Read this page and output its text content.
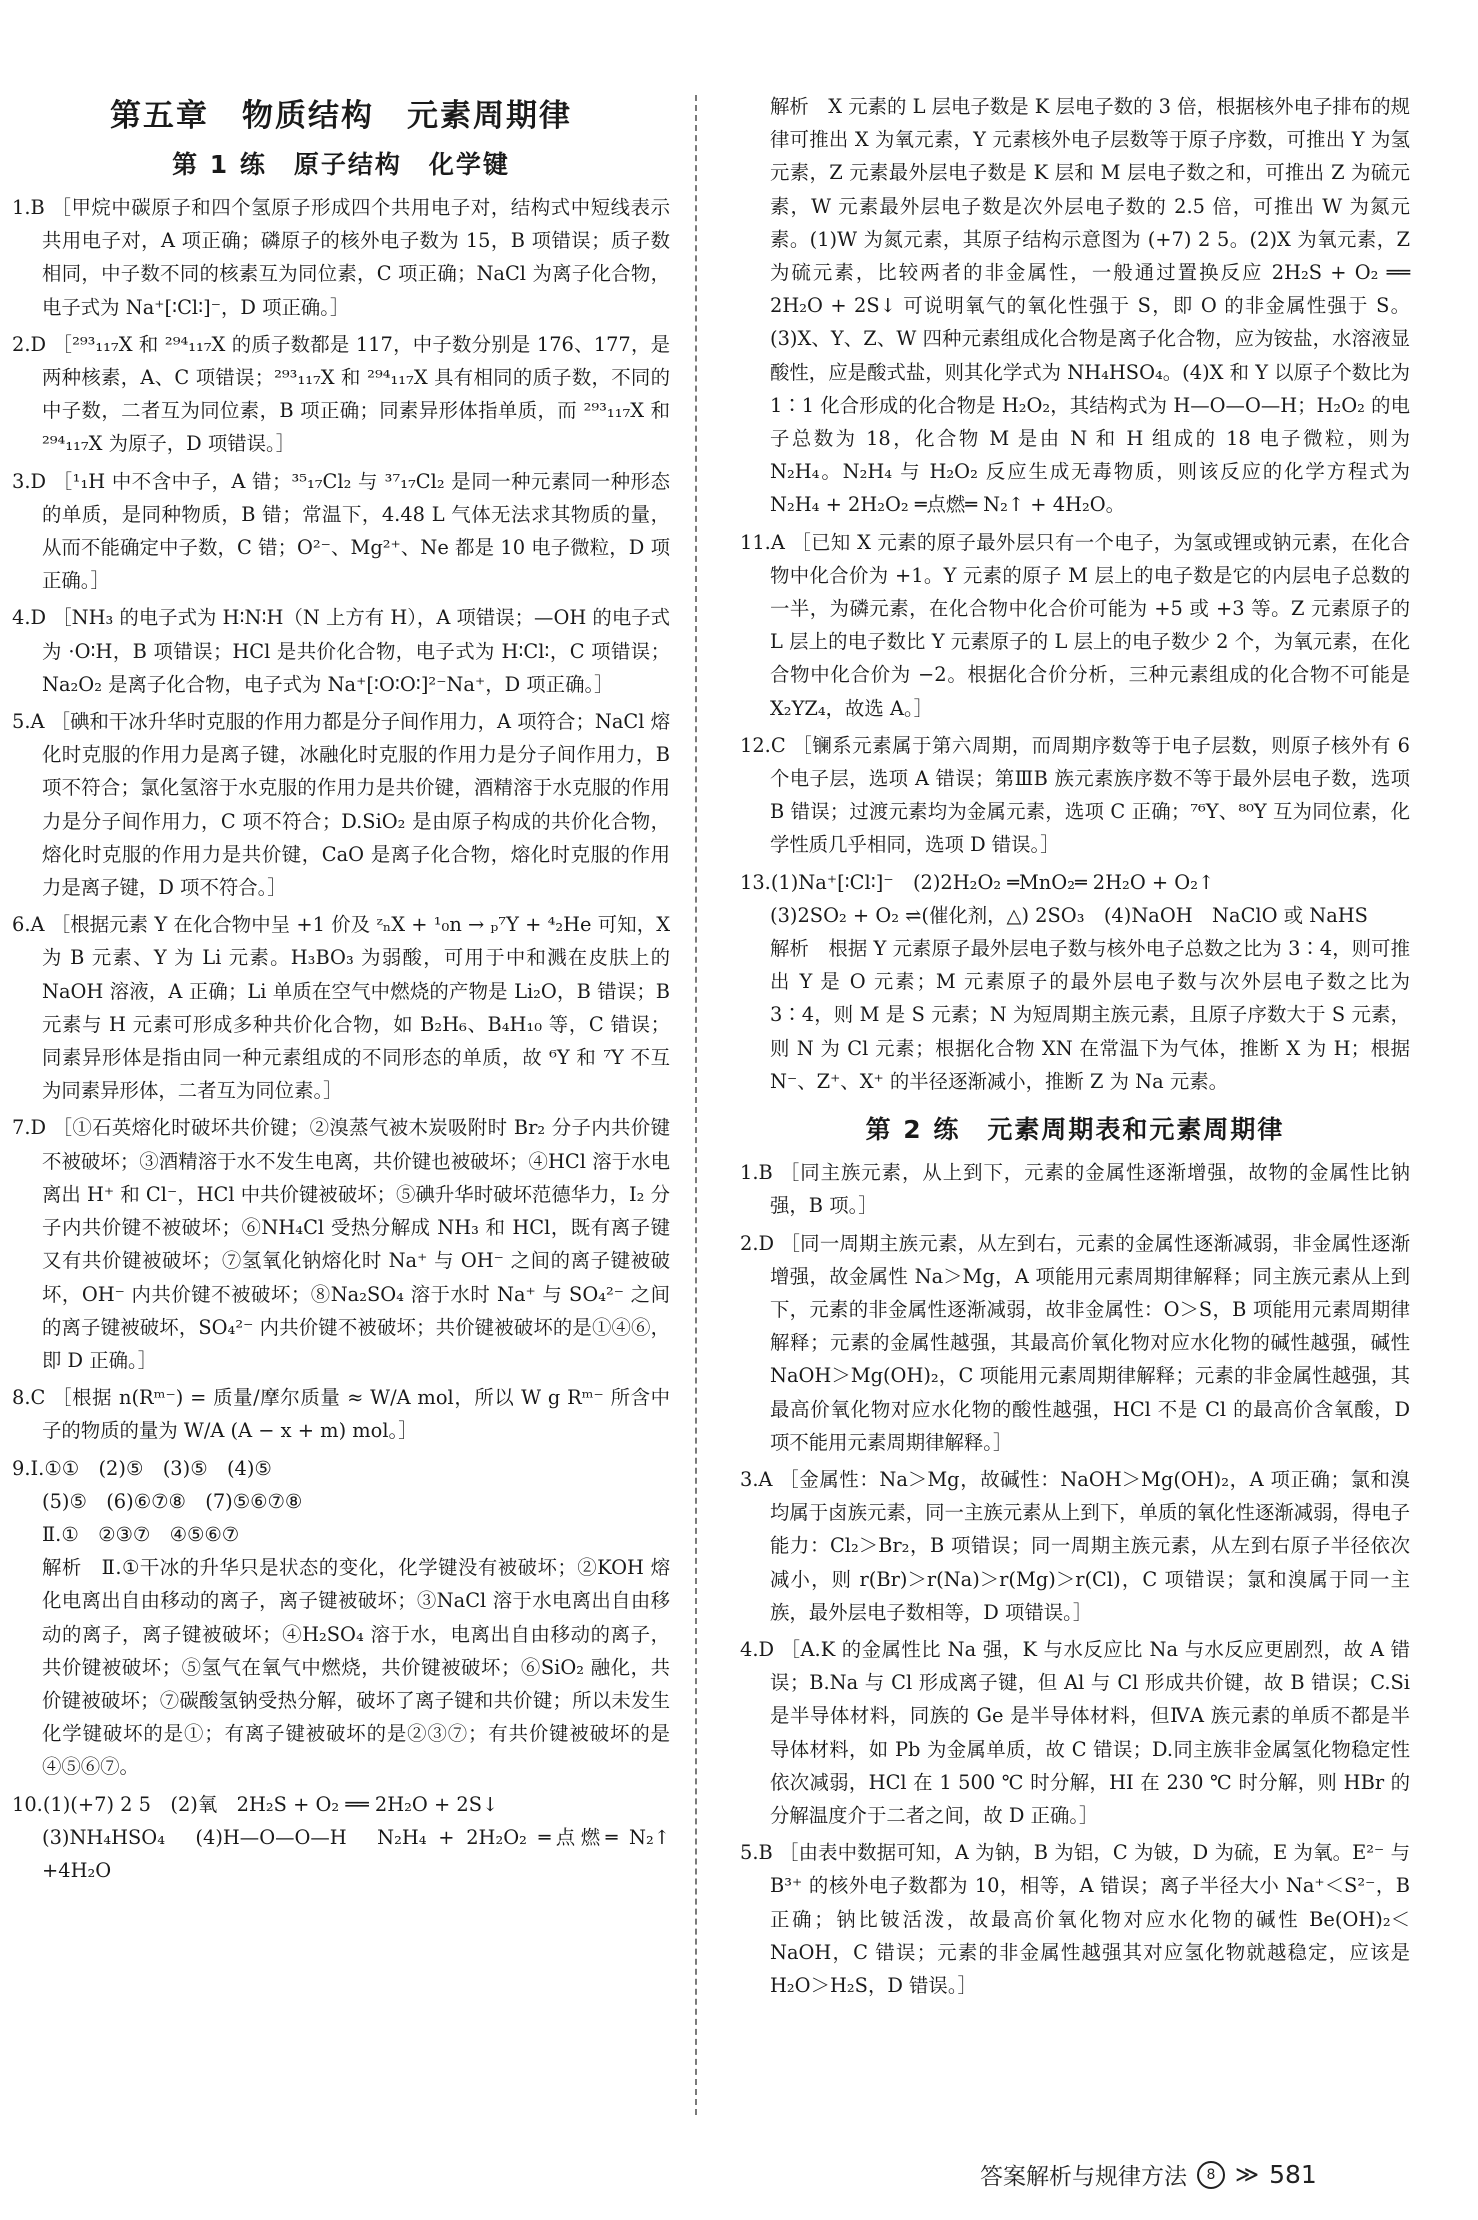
第五章　物质结构　元素周期律
第 1 练　原子结构　化学键

1.B ［甲烷中碳原子和四个氢原子形成四个共用电子对，结构式中短线表示共用电子对，A 项正确；磷原子的核外电子数为 15，B 项错误；质子数相同，中子数不同的核素互为同位素，C 项正确；NaCl 为离子化合物，电子式为 Na⁺[∶Cl∶]⁻，D 项正确。］

2.D ［²⁹³₁₁₇X 和 ²⁹⁴₁₁₇X 的质子数都是 117，中子数分别是 176、177，是两种核素，A、C 项错误；²⁹³₁₁₇X 和 ²⁹⁴₁₁₇X 具有相同的质子数，不同的中子数，二者互为同位素，B 项正确；同素异形体指单质，而 ²⁹³₁₁₇X 和 ²⁹⁴₁₁₇X 为原子，D 项错误。］

3.D ［¹₁H 中不含中子，A 错；³⁵₁₇Cl₂ 与 ³⁷₁₇Cl₂ 是同一种元素同一种形态的单质，是同种物质，B 错；常温下，4.48 L 气体无法求其物质的量，从而不能确定中子数，C 错；O²⁻、Mg²⁺、Ne 都是 10 电子微粒，D 项正确。］

4.D ［NH₃ 的电子式为 H∶N∶H（N 上方有 H），A 项错误；—OH 的电子式为 ·O∶H，B 项错误；HCl 是共价化合物，电子式为 H∶Cl∶，C 项错误；Na₂O₂ 是离子化合物，电子式为 Na⁺[∶O∶O∶]²⁻Na⁺，D 项正确。］

5.A ［碘和干冰升华时克服的作用力都是分子间作用力，A 项符合；NaCl 熔化时克服的作用力是离子键，冰融化时克服的作用力是分子间作用力，B 项不符合；氯化氢溶于水克服的作用力是共价键，酒精溶于水克服的作用力是分子间作用力，C 项不符合；D.SiO₂ 是由原子构成的共价化合物，熔化时克服的作用力是共价键，CaO 是离子化合物，熔化时克服的作用力是离子键，D 项不符合。］

6.A ［根据元素 Y 在化合物中呈 +1 价及 ᶻₙX + ¹₀n → ₚ⁷Y + ⁴₂He 可知，X 为 B 元素、Y 为 Li 元素。H₃BO₃ 为弱酸，可用于中和溅在皮肤上的 NaOH 溶液，A 正确；Li 单质在空气中燃烧的产物是 Li₂O，B 错误；B 元素与 H 元素可形成多种共价化合物，如 B₂H₆、B₄H₁₀ 等，C 错误；同素异形体是指由同一种元素组成的不同形态的单质，故 ⁶Y 和 ⁷Y 不互为同素异形体，二者互为同位素。］

7.D ［①石英熔化时破坏共价键；②溴蒸气被木炭吸附时 Br₂ 分子内共价键不被破坏；③酒精溶于水不发生电离，共价键也被破坏；④HCl 溶于水电离出 H⁺ 和 Cl⁻，HCl 中共价键被破坏；⑤碘升华时破坏范德华力，I₂ 分子内共价键不被破坏；⑥NH₄Cl 受热分解成 NH₃ 和 HCl，既有离子键又有共价键被破坏；⑦氢氧化钠熔化时 Na⁺ 与 OH⁻ 之间的离子键被破坏，OH⁻ 内共价键不被破坏；⑧Na₂SO₄ 溶于水时 Na⁺ 与 SO₄²⁻ 之间的离子键被破坏，SO₄²⁻ 内共价键不被破坏；共价键被破坏的是①④⑥，即 D 正确。］

8.C ［根据 n(Rᵐ⁻) = 质量/摩尔质量 ≈ W/A mol，所以 W g Rᵐ⁻ 所含中子的物质的量为 W/A (A − x + m) mol。］

9.Ⅰ.①①　(2)⑤　(3)⑤　(4)⑤

(5)⑤　(6)⑥⑦⑧　(7)⑤⑥⑦⑧

Ⅱ.①　②③⑦　④⑤⑥⑦

解析　Ⅱ.①干冰的升华只是状态的变化，化学键没有被破坏；②KOH 熔化电离出自由移动的离子，离子键被破坏；③NaCl 溶于水电离出自由移动的离子，离子键被破坏；④H₂SO₄ 溶于水，电离出自由移动的离子，共价键被破坏；⑤氢气在氧气中燃烧，共价键被破坏；⑥SiO₂ 融化，共价键被破坏；⑦碳酸氢钠受热分解，破坏了离子键和共价键；所以未发生化学键破坏的是①；有离子键被破坏的是②③⑦；有共价键被破坏的是④⑤⑥⑦。

10.(1)(+7) 2 5　(2)氧　2H₂S + O₂ ══ 2H₂O + 2S↓

(3)NH₄HSO₄　(4)H—O—O—H　N₂H₄ + 2H₂O₂ ═点燃═ N₂↑ +4H₂O

解析　X 元素的 L 层电子数是 K 层电子数的 3 倍，根据核外电子排布的规律可推出 X 为氧元素，Y 元素核外电子层数等于原子序数，可推出 Y 为氢元素，Z 元素最外层电子数是 K 层和 M 层电子数之和，可推出 Z 为硫元素，W 元素最外层电子数是次外层电子数的 2.5 倍，可推出 W 为氮元素。(1)W 为氮元素，其原子结构示意图为 (+7) 2 5。(2)X 为氧元素，Z 为硫元素，比较两者的非金属性，一般通过置换反应 2H₂S + O₂ ══ 2H₂O + 2S↓ 可说明氧气的氧化性强于 S，即 O 的非金属性强于 S。(3)X、Y、Z、W 四种元素组成化合物是离子化合物，应为铵盐，水溶液显酸性，应是酸式盐，则其化学式为 NH₄HSO₄。(4)X 和 Y 以原子个数比为 1∶1 化合形成的化合物是 H₂O₂，其结构式为 H—O—O—H；H₂O₂ 的电子总数为 18，化合物 M 是由 N 和 H 组成的 18 电子微粒，则为 N₂H₄。N₂H₄ 与 H₂O₂ 反应生成无毒物质，则该反应的化学方程式为 N₂H₄ + 2H₂O₂ ═点燃═ N₂↑ + 4H₂O。

11.A ［已知 X 元素的原子最外层只有一个电子，为氢或锂或钠元素，在化合物中化合价为 +1。Y 元素的原子 M 层上的电子数是它的内层电子总数的一半，为磷元素，在化合物中化合价可能为 +5 或 +3 等。Z 元素原子的 L 层上的电子数比 Y 元素原子的 L 层上的电子数少 2 个，为氧元素，在化合物中化合价为 −2。根据化合价分析，三种元素组成的化合物不可能是 X₂YZ₄，故选 A。］

12.C ［镧系元素属于第六周期，而周期序数等于电子层数，则原子核外有 6 个电子层，选项 A 错误；第ⅢB 族元素族序数不等于最外层电子数，选项 B 错误；过渡元素均为金属元素，选项 C 正确；⁷⁶Y、⁸⁰Y 互为同位素，化学性质几乎相同，选项 D 错误。］

13.(1)Na⁺[∶Cl∶]⁻　(2)2H₂O₂ ═MnO₂═ 2H₂O + O₂↑

(3)2SO₂ + O₂ ⇌(催化剂，△) 2SO₃　(4)NaOH　NaClO 或 NaHS

解析　根据 Y 元素原子最外层电子数与核外电子总数之比为 3∶4，则可推出 Y 是 O 元素；M 元素原子的最外层电子数与次外层电子数之比为 3∶4，则 M 是 S 元素；N 为短周期主族元素，且原子序数大于 S 元素，则 N 为 Cl 元素；根据化合物 XN 在常温下为气体，推断 X 为 H；根据 N⁻、Z⁺、X⁺ 的半径逐渐减小，推断 Z 为 Na 元素。

第 2 练　元素周期表和元素周期律

1.B ［同主族元素，从上到下，元素的金属性逐渐增强，故物的金属性比钠强，B 项。］

2.D ［同一周期主族元素，从左到右，元素的金属性逐渐减弱，非金属性逐渐增强，故金属性 Na＞Mg，A 项能用元素周期律解释；同主族元素从上到下，元素的非金属性逐渐减弱，故非金属性：O＞S，B 项能用元素周期律解释；元素的金属性越强，其最高价氧化物对应水化物的碱性越强，碱性 NaOH＞Mg(OH)₂，C 项能用元素周期律解释；元素的非金属性越强，其最高价氧化物对应水化物的酸性越强，HCl 不是 Cl 的最高价含氧酸，D 项不能用元素周期律解释。］

3.A ［金属性：Na＞Mg，故碱性：NaOH＞Mg(OH)₂，A 项正确；氯和溴均属于卤族元素，同一主族元素从上到下，单质的氧化性逐渐减弱，得电子能力：Cl₂＞Br₂，B 项错误；同一周期主族元素，从左到右原子半径依次减小，则 r(Br)＞r(Na)＞r(Mg)＞r(Cl)，C 项错误；氯和溴属于同一主族，最外层电子数相等，D 项错误。］

4.D ［A.K 的金属性比 Na 强，K 与水反应比 Na 与水反应更剧烈，故 A 错误；B.Na 与 Cl 形成离子键，但 Al 与 Cl 形成共价键，故 B 错误；C.Si 是半导体材料，同族的 Ge 是半导体材料，但ⅣA 族元素的单质不都是半导体材料，如 Pb 为金属单质，故 C 错误；D.同主族非金属氢化物稳定性依次减弱，HCl 在 1 500 ℃ 时分解，HI 在 230 ℃ 时分解，则 HBr 的分解温度介于二者之间，故 D 正确。］

5.B ［由表中数据可知，A 为钠，B 为铝，C 为铍，D 为硫，E 为氧。E²⁻ 与 B³⁺ 的核外电子数都为 10，相等，A 错误；离子半径大小 Na⁺＜S²⁻，B 正确；钠比铍活泼，故最高价氧化物对应水化物的碱性 Be(OH)₂＜NaOH，C 错误；元素的非金属性越强其对应氢化物就越稳定，应该是 H₂O＞H₂S，D 错误。］

答案解析与规律方法	8 ≫ 581
